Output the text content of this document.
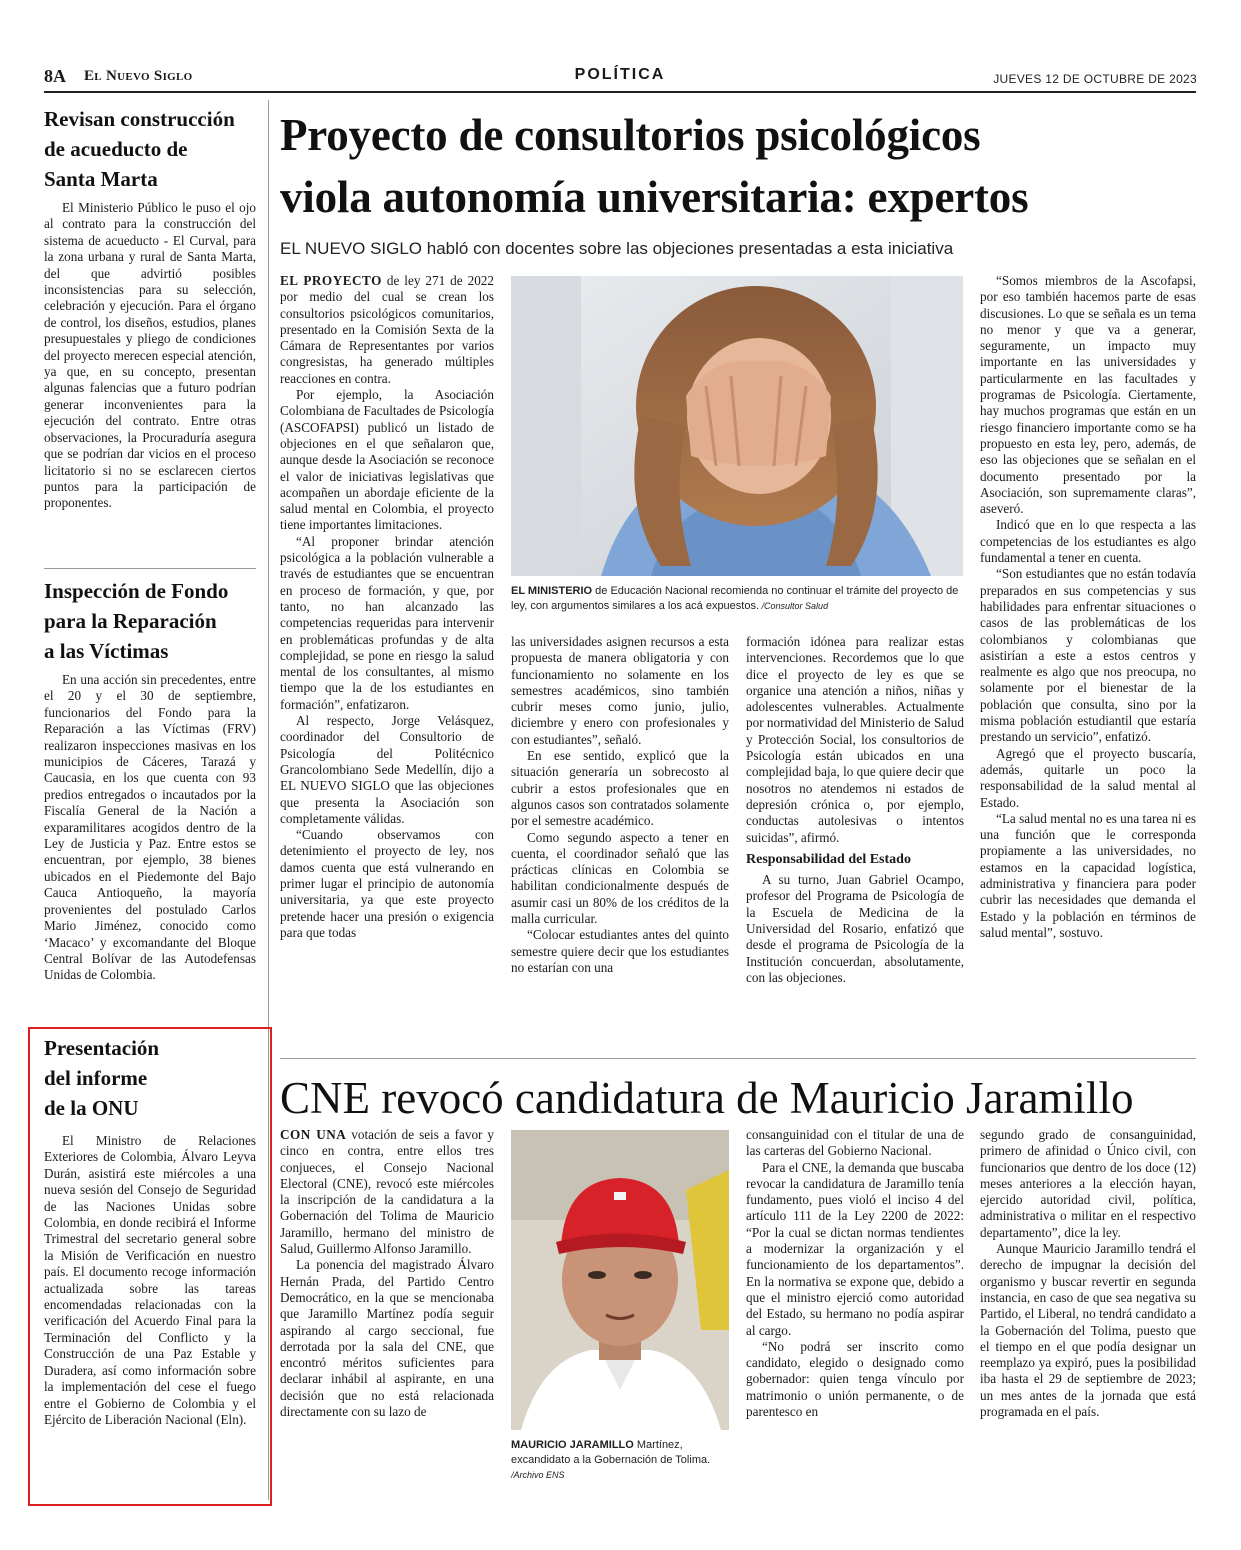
8A El Nuevo Siglo	POLÍTICA	JUEVES 12 DE OCTUBRE DE 2023
Revisan construcción
de acueducto de
Santa Marta

El Ministerio Público le puso el ojo al contrato para la construcción del sistema de acueducto - El Curval, para la zona urbana y rural de Santa Marta, del que advirtió posibles inconsistencias para su selección, celebración y ejecución. Para el órgano de control, los diseños, estudios, planes presupuestales y pliego de condiciones del proyecto merecen especial atención, ya que, en su concepto, presentan algunas falencias que a futuro podrían generar inconvenientes para la ejecución del contrato. Entre otras observaciones, la Procuraduría asegura que se podrían dar vicios en el proceso licitatorio si no se esclarecen ciertos puntos para la participación de proponentes.

Inspección de Fondo
para la Reparación
a las Víctimas

En una acción sin precedentes, entre el 20 y el 30 de septiembre, funcionarios del Fondo para la Reparación a las Víctimas (FRV) realizaron inspecciones masivas en los municipios de Cáceres, Tarazá y Caucasia, en los que cuenta con 93 predios entregados o incautados por la Fiscalía General de la Nación a exparamilitares acogidos dentro de la Ley de Justicia y Paz. Entre estos se encuentran, por ejemplo, 38 bienes ubicados en el Piedemonte del Bajo Cauca Antioqueño, la mayoría provenientes del postulado Carlos Mario Jiménez, conocido como ‘Macaco’ y excomandante del Bloque Central Bolívar de las Autodefensas Unidas de Colombia.

Presentación
del informe
de la ONU

El Ministro de Relaciones Exteriores de Colombia, Álvaro Leyva Durán, asistirá este miércoles a una nueva sesión del Consejo de Seguridad de las Naciones Unidas sobre Colombia, en donde recibirá el Informe Trimestral del secretario general sobre la Misión de Verificación en nuestro país. El documento recoge información actualizada sobre las tareas encomendadas relacionadas con la verificación del Acuerdo Final para la Terminación del Conflicto y la Construcción de una Paz Estable y Duradera, así como información sobre la implementación del cese el fuego entre el Gobierno de Colombia y el Ejército de Liberación Nacional (Eln).

Proyecto de consultorios psicológicos
viola autonomía universitaria: expertos
EL NUEVO SIGLO habló con docentes sobre las objeciones presentadas a esta iniciativa

EL PROYECTO de ley 271 de 2022 por medio del cual se crean los consultorios psicológicos comunitarios, presentado en la Comisión Sexta de la Cámara de Representantes por varios congresistas, ha generado múltiples reacciones en contra.

Por ejemplo, la Asociación Colombiana de Facultades de Psicología (ASCOFAPSI) publicó un listado de objeciones en el que señalaron que, aunque desde la Asociación se reconoce el valor de iniciativas legislativas que acompañen un abordaje eficiente de la salud mental en Colombia, el proyecto tiene importantes limitaciones.

“Al proponer brindar atención psicológica a la población vulnerable a través de estudiantes que se encuentran en proceso de formación, y que, por tanto, no han alcanzado las competencias requeridas para intervenir en problemáticas profundas y de alta complejidad, se pone en riesgo la salud mental de los consultantes, al mismo tiempo que la de los estudiantes en formación”, enfatizaron.

Al respecto, Jorge Velásquez, coordinador del Consultorio de Psicología del Politécnico Grancolombiano Sede Medellín, dijo a EL NUEVO SIGLO que las objeciones que presenta la Asociación son completamente válidas.

“Cuando observamos con detenimiento el proyecto de ley, nos damos cuenta que está vulnerando en primer lugar el principio de autonomía universitaria, ya que este proyecto pretende hacer una presión o exigencia para que todas

EL MINISTERIO de Educación Nacional recomienda no continuar el trámite del proyecto de ley, con argumentos similares a los acá expuestos. /Consultor Salud

las universidades asignen recursos a esta propuesta de manera obligatoria y con funcionamiento no solamente en los semestres académicos, sino también cubrir meses como junio, julio, diciembre y enero con profesionales y con estudiantes”, señaló.

En ese sentido, explicó que la situación generaría un sobrecosto al cubrir a estos profesionales que en algunos casos son contratados solamente por el semestre académico.

Como segundo aspecto a tener en cuenta, el coordinador señaló que las prácticas clínicas en Colombia se habilitan condicionalmente después de asumir casi un 80% de los créditos de la malla curricular.

“Colocar estudiantes antes del quinto semestre quiere decir que los estudiantes no estarían con una

formación idónea para realizar estas intervenciones. Recordemos que lo que dice el proyecto de ley es que se organice una atención a niños, niñas y adolescentes vulnerables. Actualmente por normatividad del Ministerio de Salud y Protección Social, los consultorios de Psicología están ubicados en una complejidad baja, lo que quiere decir que nosotros no atendemos ni estados de depresión crónica o, por ejemplo, conductas autolesivas o intentos suicidas”, afirmó.

Responsabilidad del Estado

A su turno, Juan Gabriel Ocampo, profesor del Programa de Psicología de la Escuela de Medicina de la Universidad del Rosario, enfatizó que desde el programa de Psicología de la Institución concuerdan, absolutamente, con las objeciones.

“Somos miembros de la Ascofapsi, por eso también hacemos parte de esas discusiones. Lo que se señala es un tema no menor y que va a generar, seguramente, un impacto muy importante en las universidades y particularmente en las facultades y programas de Psicología. Ciertamente, hay muchos programas que están en un riesgo financiero importante como se ha propuesto en esta ley, pero, además, de eso las objeciones que se señalan en el documento presentado por la Asociación, son supremamente claras”, aseveró.

Indicó que en lo que respecta a las competencias de los estudiantes es algo fundamental a tener en cuenta.

“Son estudiantes que no están todavía preparados en sus competencias y sus habilidades para enfrentar situaciones o casos de las problemáticas de los colombianos y colombianas que asistirían a este a estos centros y realmente es algo que nos preocupa, no solamente por el bienestar de la población que consulta, sino por la misma población estudiantil que estaría prestando un servicio”, enfatizó.

Agregó que el proyecto buscaría, además, quitarle un poco la responsabilidad de la salud mental al Estado.

“La salud mental no es una tarea ni es una función que le corresponda propiamente a las universidades, no estamos en la capacidad logística, administrativa y financiera para poder cubrir las necesidades que demanda el Estado y la población en términos de salud mental”, sostuvo.

CNE revocó candidatura de Mauricio Jaramillo

CON UNA votación de seis a favor y cinco en contra, entre ellos tres conjueces, el Consejo Nacional Electoral (CNE), revocó este miércoles la inscripción de la candidatura a la Gobernación del Tolima de Mauricio Jaramillo, hermano del ministro de Salud, Guillermo Alfonso Jaramillo.

La ponencia del magistrado Álvaro Hernán Prada, del Partido Centro Democrático, en la que se mencionaba que Jaramillo Martínez podía seguir aspirando al cargo seccional, fue derrotada por la sala del CNE, que encontró méritos suficientes para declarar inhábil al aspirante, en una decisión que no está relacionada directamente con su lazo de

MAURICIO JARAMILLO Martínez, excandidato a la Gobernación de Tolima. /Archivo ENS

consanguinidad con el titular de una de las carteras del Gobierno Nacional.

Para el CNE, la demanda que buscaba revocar la candidatura de Jaramillo tenía fundamento, pues violó el inciso 4 del artículo 111 de la Ley 2200 de 2022: “Por la cual se dictan normas tendientes a modernizar la organización y el funcionamiento de los departamentos”. En la normativa se expone que, debido a que el ministro ejerció como autoridad del Estado, su hermano no podía aspirar al cargo.

“No podrá ser inscrito como candidato, elegido o designado como gobernador: quien tenga vínculo por matrimonio o unión permanente, o de parentesco en

segundo grado de consanguinidad, primero de afinidad o Único civil, con funcionarios que dentro de los doce (12) meses anteriores a la elección hayan, ejercido autoridad civil, política, administrativa o militar en el respectivo departamento”, dice la ley.

Aunque Mauricio Jaramillo tendrá el derecho de impugnar la decisión del organismo y buscar revertir en segunda instancia, en caso de que sea negativa su Partido, el Liberal, no tendrá candidato a la Gobernación del Tolima, puesto que el tiempo en el que podía designar un reemplazo ya expiró, pues la posibilidad iba hasta el 29 de septiembre de 2023; un mes antes de la jornada que está programada en el país.
